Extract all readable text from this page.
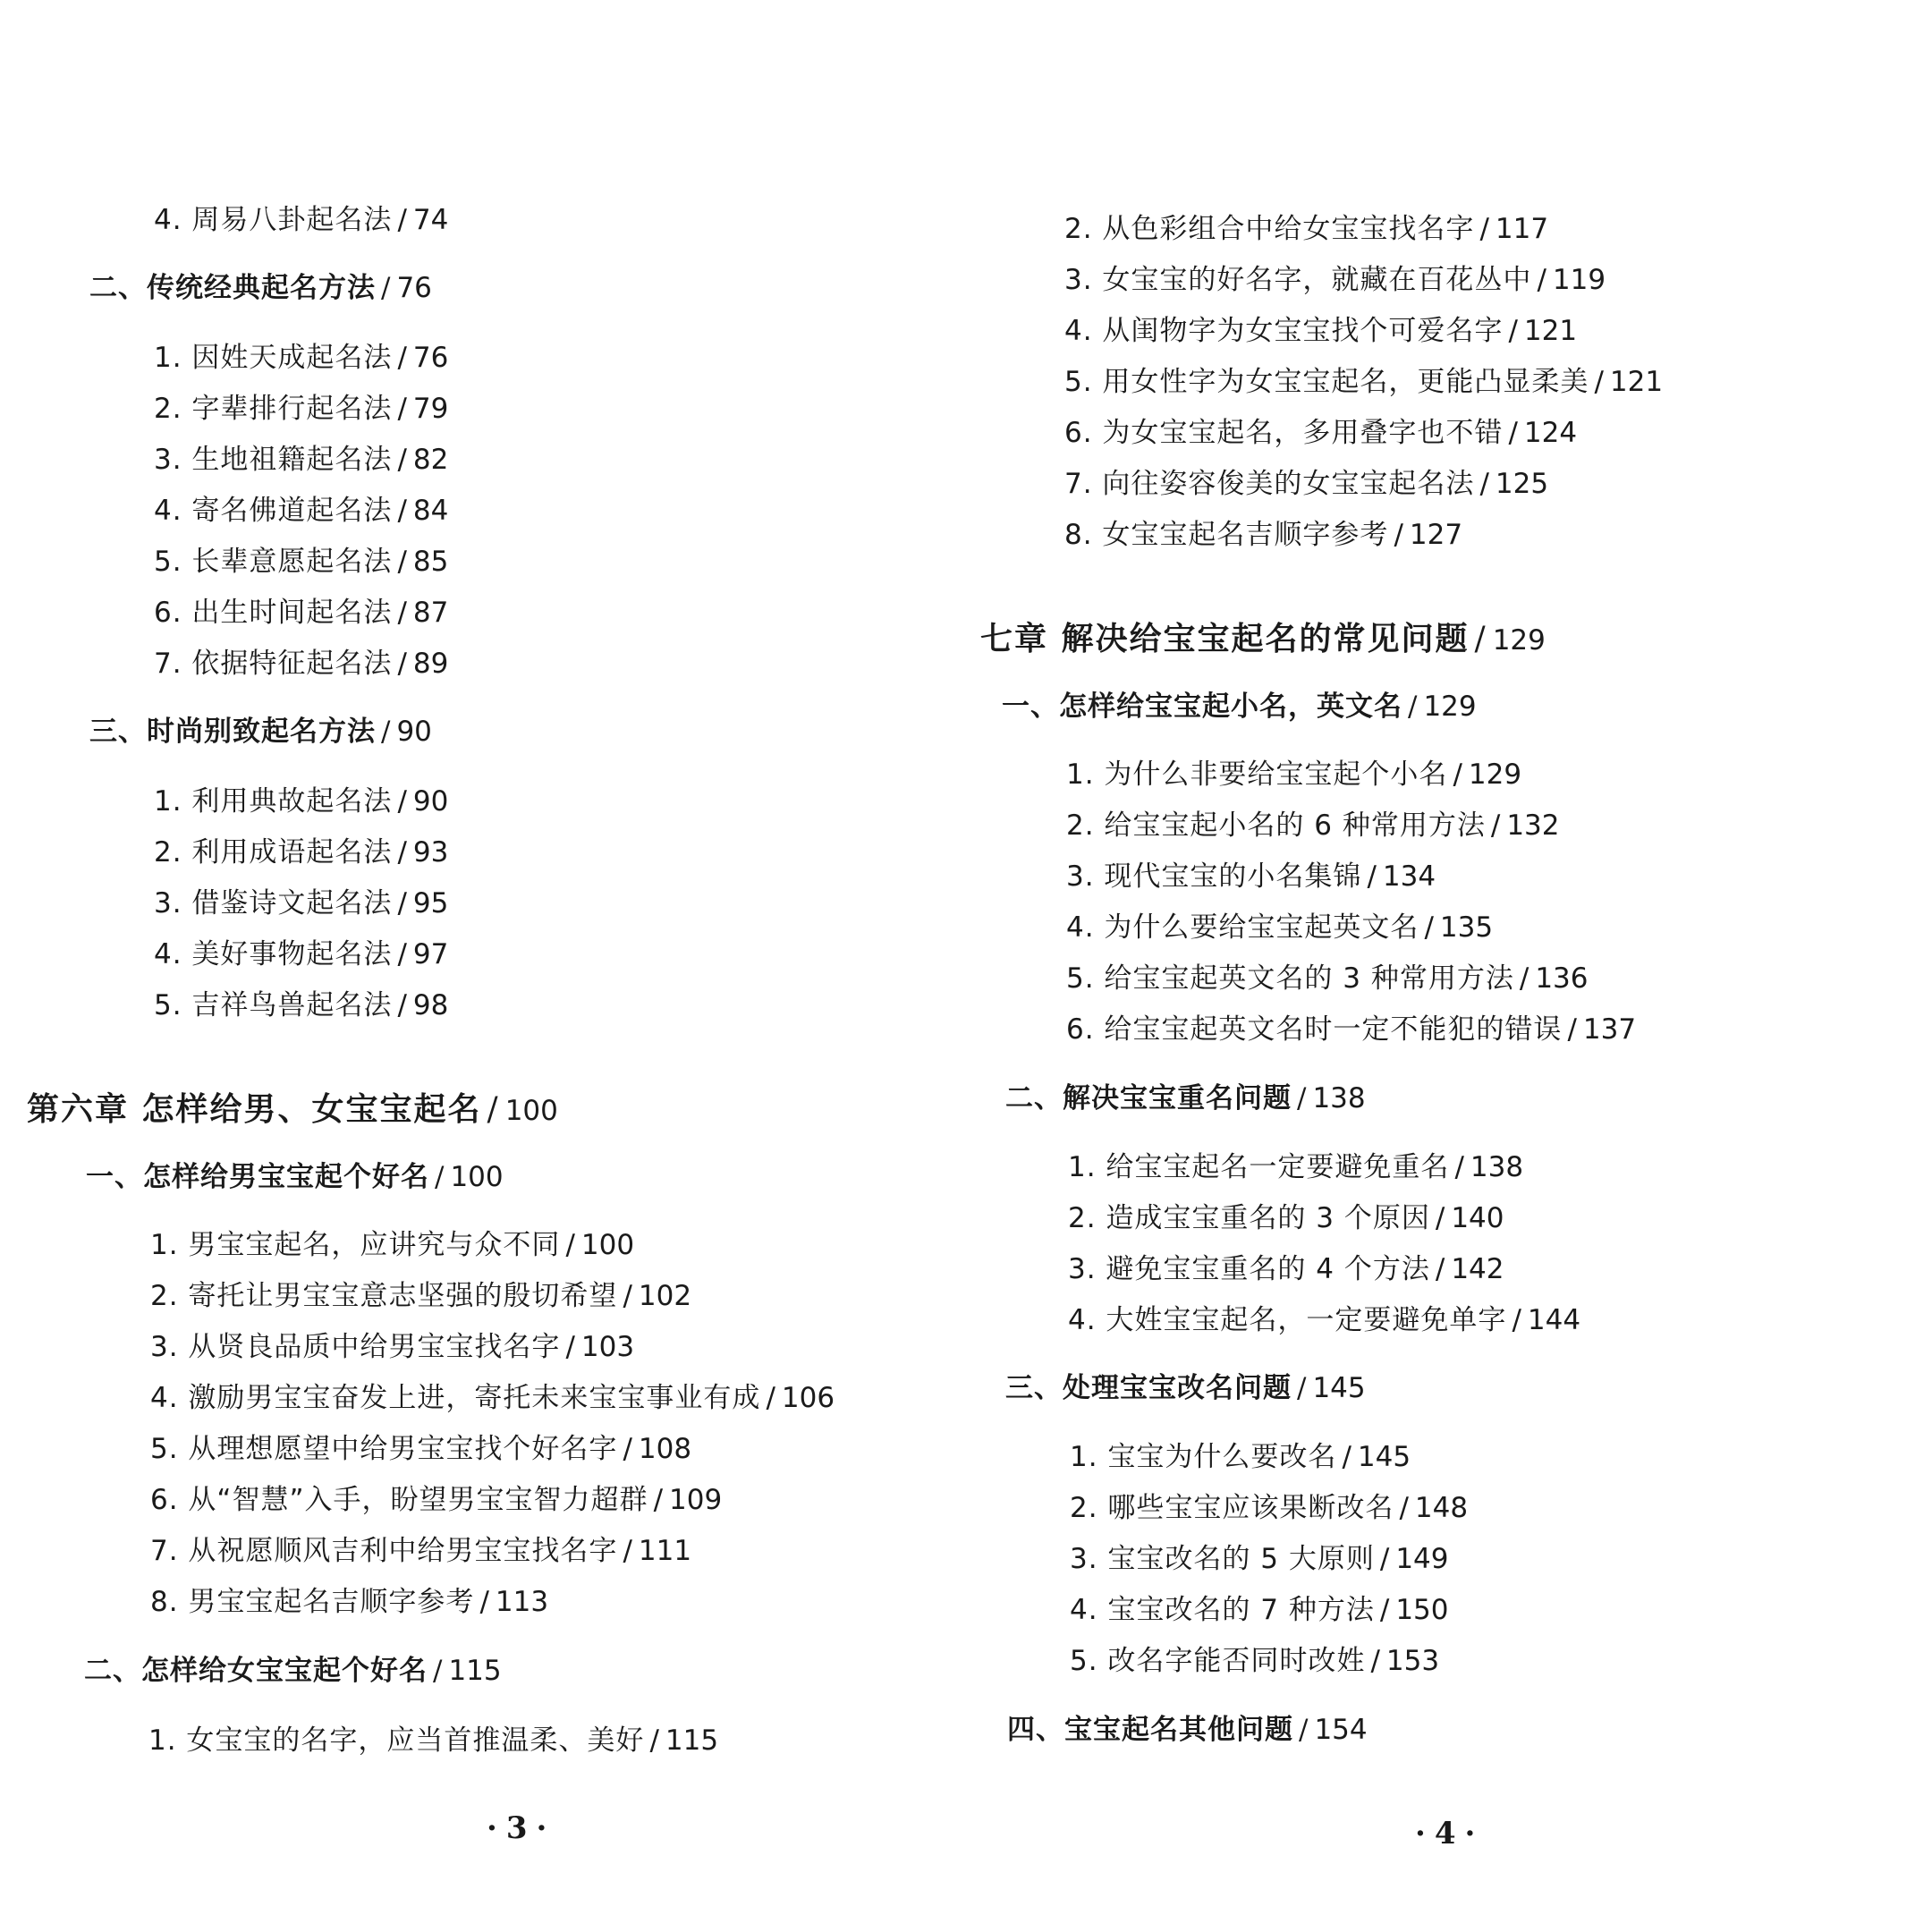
4. 周易八卦起名法 / 74
二、传统经典起名方法 / 76
1. 因姓天成起名法 / 76
2. 字辈排行起名法 / 79
3. 生地祖籍起名法 / 82
4. 寄名佛道起名法 / 84
5. 长辈意愿起名法 / 85
6. 出生时间起名法 / 87
7. 依据特征起名法 / 89
三、时尚别致起名方法 / 90
1. 利用典故起名法 / 90
2. 利用成语起名法 / 93
3. 借鉴诗文起名法 / 95
4. 美好事物起名法 / 97
5. 吉祥鸟兽起名法 / 98
第六章 怎样给男、女宝宝起名 / 100
一、怎样给男宝宝起个好名 / 100
1. 男宝宝起名，应讲究与众不同 / 100
2. 寄托让男宝宝意志坚强的殷切希望 / 102
3. 从贤良品质中给男宝宝找名字 / 103
4. 激励男宝宝奋发上进，寄托未来宝宝事业有成 / 106
5. 从理想愿望中给男宝宝找个好名字 / 108
6. 从“智慧”入手，盼望男宝宝智力超群 / 109
7. 从祝愿顺风吉利中给男宝宝找名字 / 111
8. 男宝宝起名吉顺字参考 / 113
二、怎样给女宝宝起个好名 / 115
1. 女宝宝的名字，应当首推温柔、美好 / 115
·3·
2. 从色彩组合中给女宝宝找名字 / 117
3. 女宝宝的好名字，就藏在百花丛中 / 119
4. 从闺物字为女宝宝找个可爱名字 / 121
5. 用女性字为女宝宝起名，更能凸显柔美 / 121
6. 为女宝宝起名，多用叠字也不错 / 124
7. 向往姿容俊美的女宝宝起名法 / 125
8. 女宝宝起名吉顺字参考 / 127
七章 解决给宝宝起名的常见问题 / 129
一、怎样给宝宝起小名，英文名 / 129
1. 为什么非要给宝宝起个小名 / 129
2. 给宝宝起小名的 6 种常用方法 / 132
3. 现代宝宝的小名集锦 / 134
4. 为什么要给宝宝起英文名 / 135
5. 给宝宝起英文名的 3 种常用方法 / 136
6. 给宝宝起英文名时一定不能犯的错误 / 137
二、解决宝宝重名问题 / 138
1. 给宝宝起名一定要避免重名 / 138
2. 造成宝宝重名的 3 个原因 / 140
3. 避免宝宝重名的 4 个方法 / 142
4. 大姓宝宝起名，一定要避免单字 / 144
三、处理宝宝改名问题 / 145
1. 宝宝为什么要改名 / 145
2. 哪些宝宝应该果断改名 / 148
3. 宝宝改名的 5 大原则 / 149
4. 宝宝改名的 7 种方法 / 150
5. 改名字能否同时改姓 / 153
四、宝宝起名其他问题 / 154
·4·
